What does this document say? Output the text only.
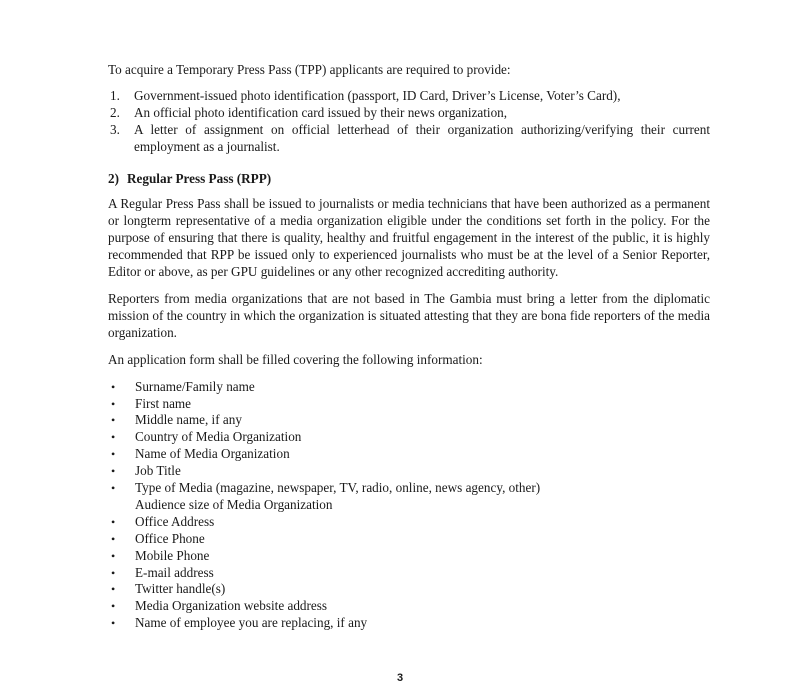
To acquire a Temporary Press Pass (TPP) applicants are required to provide:

1. Government-issued photo identification (passport, ID Card, Driver’s License, Voter’s Card),
2. An official photo identification card issued by their news organization,
3. A letter of assignment on official letterhead of their organization authorizing/verifying their current employment as a journalist.

2) Regular Press Pass (RPP)

A Regular Press Pass shall be issued to journalists or media technicians that have been authorized as a permanent or longterm representative of a media organization eligible under the conditions set forth in the policy. For the purpose of ensuring that there is quality, healthy and fruitful engagement in the interest of the public, it is highly recommended that RPP be issued only to experienced journalists who must be at the level of a Senior Reporter, Editor or above, as per GPU guidelines or any other recognized accrediting authority.

Reporters from media organizations that are not based in The Gambia must bring a letter from the diplomatic mission of the country in which the organization is situated attesting that they are bona fide reporters of the media organization.

An application form shall be filled covering the following information:

• Surname/Family name
• First name
• Middle name, if any
• Country of Media Organization
• Name of Media Organization
• Job Title
• Type of Media (magazine, newspaper, TV, radio, online, news agency, other)
Audience size of Media Organization
• Office Address
• Office Phone
• Mobile Phone
• E-mail address
• Twitter handle(s)
• Media Organization website address
• Name of employee you are replacing, if any
3
